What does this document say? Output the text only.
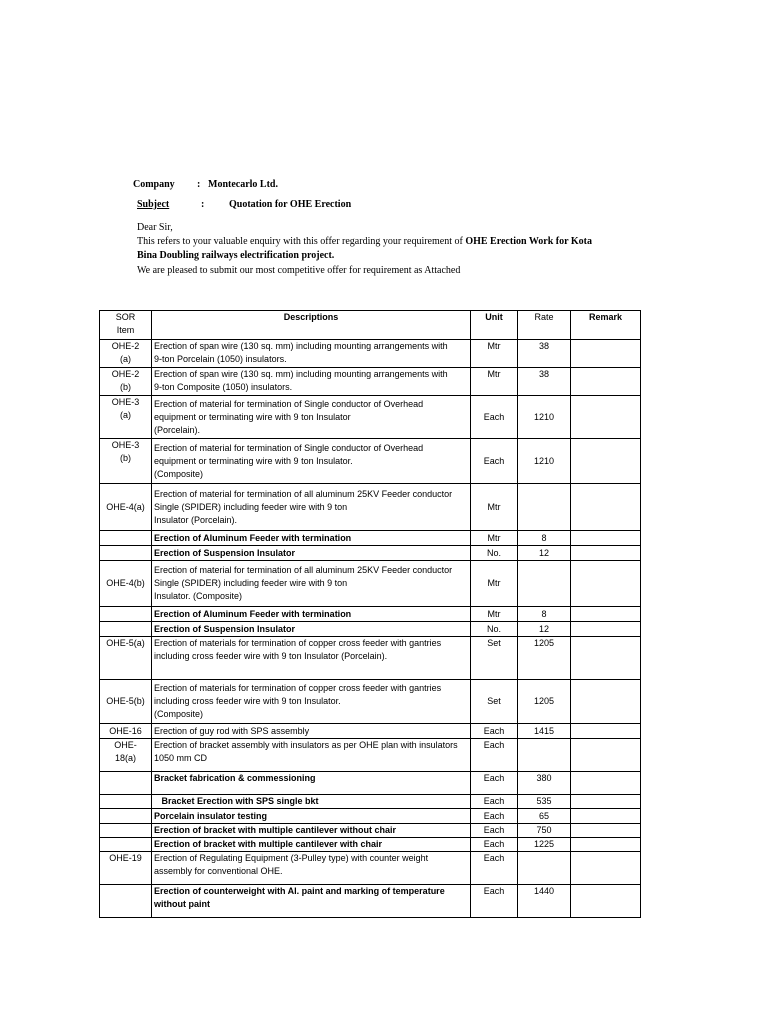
Company : Montecarlo Ltd.
Subject	: Quotation for OHE Erection
Dear Sir,
This refers to your valuable enquiry with this offer regarding your requirement of OHE Erection Work for Kota
Bina Doubling railways electrification project.
We are pleased to submit our most competitive offer for requirement as Attached
SOR
Item	Descriptions	Unit	Rate	Remark

OHE-2
(a)	Erection of span wire (130 sq. mm) including mounting arrangements with
9-ton Porcelain (1050) insulators.	Mtr	38	

OHE-2
(b)	Erection of span wire (130 sq. mm) including mounting arrangements with
9-ton Composite (1050) insulators.	Mtr	38	

OHE-3
(a)	Erection of material for termination of Single conductor of Overhead
equipment or terminating wire with 9 ton Insulator
(Porcelain).	Each	1210	

OHE-3
(b)	Erection of material for termination of Single conductor of Overhead
equipment or terminating wire with 9 ton Insulator.
(Composite)	Each	1210	

OHE-4(a)	Erection of material for termination of all aluminum 25KV Feeder conductor
Single (SPIDER) including feeder wire with 9 ton
Insulator (Porcelain).	Mtr		

	Erection of Aluminum Feeder with termination	Mtr	8	

	Erection of Suspension Insulator	No.	12	

OHE-4(b)	Erection of material for termination of all aluminum 25KV Feeder conductor
Single (SPIDER) including feeder wire with 9 ton
Insulator. (Composite)	Mtr		

	Erection of Aluminum Feeder with termination	Mtr	8	

	Erection of Suspension Insulator	No.	12	

OHE-5(a)	Erection of materials for termination of copper cross feeder with gantries
including cross feeder wire with 9 ton Insulator (Porcelain).	Set	1205	

OHE-5(b)	Erection of materials for termination of copper cross feeder with gantries
including cross feeder wire with 9 ton Insulator.
(Composite)	Set	1205	

OHE-16	Erection of guy rod with SPS assembly	Each	1415	

OHE-
18(a)	Erection of bracket assembly with insulators as per OHE plan with insulators
1050 mm CD	Each		

	Bracket fabrication & commessioning	Each	380	

	Bracket Erection with SPS single bkt	Each	535	

	Porcelain insulator testing	Each	65	

	Erection of bracket with multiple cantilever without chair	Each	750	

	Erection of bracket with multiple cantilever with chair	Each	1225	

OHE-19	Erection of Regulating Equipment (3-Pulley type) with counter weight
assembly for conventional OHE.	Each		

	Erection of counterweight with Al. paint and marking of temperature
without paint	Each	1440	
